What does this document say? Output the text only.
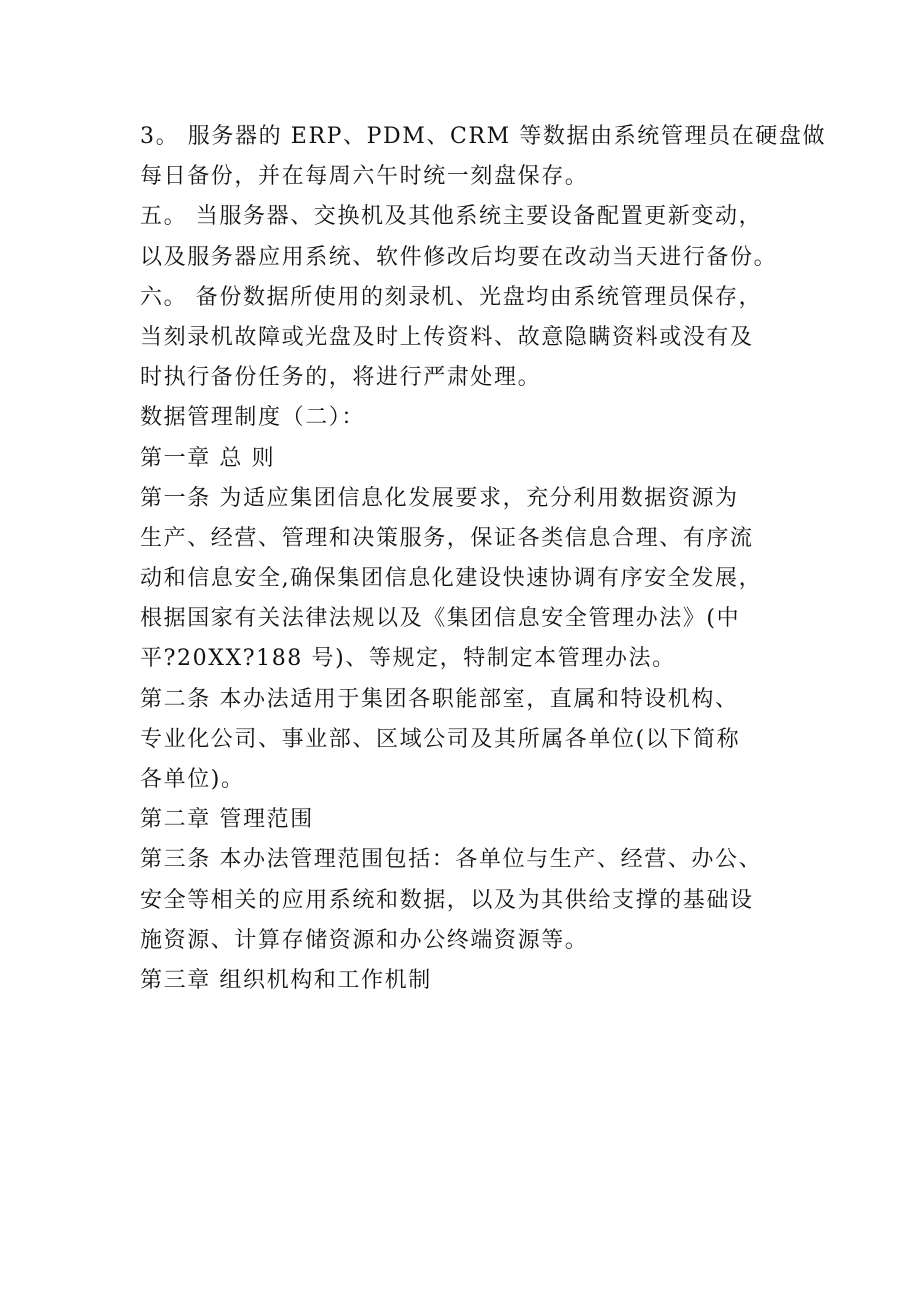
3。 服务器的 ERP、PDM、CRM 等数据由系统管理员在硬盘做
每日备份，并在每周六午时统一刻盘保存。
五。 当服务器、交换机及其他系统主要设备配置更新变动，
以及服务器应用系统、软件修改后均要在改动当天进行备份。
六。 备份数据所使用的刻录机、光盘均由系统管理员保存，
当刻录机故障或光盘及时上传资料、故意隐瞒资料或没有及
时执行备份任务的，将进行严肃处理。
数据管理制度（二）：
第一章 总 则
第一条 为适应集团信息化发展要求，充分利用数据资源为
生产、经营、管理和决策服务，保证各类信息合理、有序流
动和信息安全,确保集团信息化建设快速协调有序安全发展，
根据国家有关法律法规以及《集团信息安全管理办法》(中
平?20XX?188 号)、等规定，特制定本管理办法。
第二条 本办法适用于集团各职能部室，直属和特设机构、
专业化公司、事业部、区域公司及其所属各单位(以下简称
各单位)。
第二章 管理范围
第三条 本办法管理范围包括：各单位与生产、经营、办公、
安全等相关的应用系统和数据，以及为其供给支撑的基础设
施资源、计算存储资源和办公终端资源等。
第三章 组织机构和工作机制
